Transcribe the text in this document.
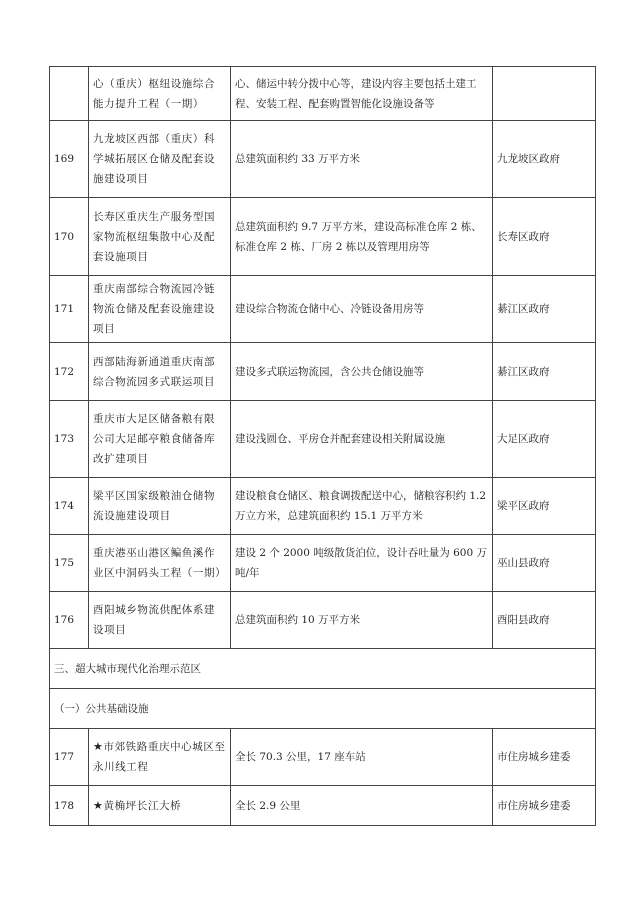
	心（重庆）枢纽设施综合能力提升工程（一期）	心、储运中转分拨中心等，建设内容主要包括土建工程、安装工程、配套购置智能化设施设备等	
169	九龙坡区西部（重庆）科学城拓展区仓储及配套设施建设项目	总建筑面积约 33 万平方米	九龙坡区政府
170	长寿区重庆生产服务型国家物流枢纽集散中心及配套设施项目	总建筑面积约 9.7 万平方米，建设高标准仓库 2 栋、标准仓库 2 栋、厂房 2 栋以及管理用房等	长寿区政府
171	重庆南部综合物流园冷链物流仓储及配套设施建设项目	建设综合物流仓储中心、冷链设备用房等	綦江区政府
172	西部陆海新通道重庆南部综合物流园多式联运项目	建设多式联运物流园，含公共仓储设施等	綦江区政府
173	重庆市大足区储备粮有限公司大足邮亭粮食储备库改扩建项目	建设浅圆仓、平房仓并配套建设相关附属设施	大足区政府
174	梁平区国家级粮油仓储物流设施建设项目	建设粮食仓储区、粮食调拨配送中心，储粮容积约 1.2 万立方米，总建筑面积约 15.1 万平方米	梁平区政府
175	重庆港巫山港区鳊鱼溪作业区中洞码头工程（一期）	建设 2 个 2000 吨级散货泊位，设计吞吐量为 600 万吨/年	巫山县政府
176	酉阳城乡物流供配体系建设项目	总建筑面积约 10 万平方米	酉阳县政府
三、超大城市现代化治理示范区			
（一）公共基础设施			
177	★市郊铁路重庆中心城区至永川线工程	全长 70.3 公里，17 座车站	市住房城乡建委
178	★黄桷坪长江大桥	全长 2.9 公里	市住房城乡建委
